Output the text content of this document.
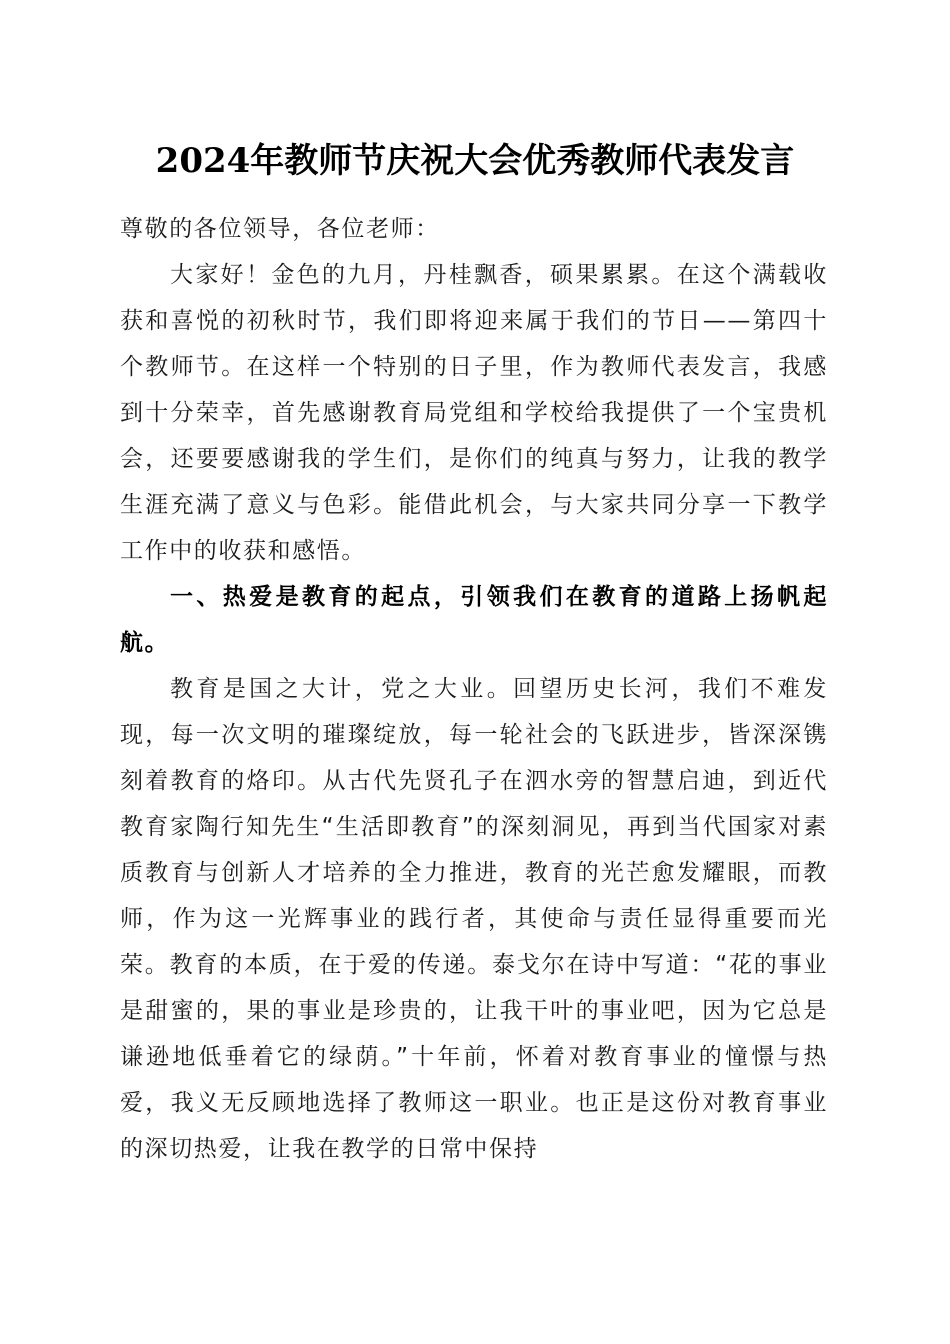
2024年教师节庆祝大会优秀教师代表发言

尊敬的各位领导，各位老师：

大家好！金色的九月，丹桂飘香，硕果累累。在这个满载收获和喜悦的初秋时节，我们即将迎来属于我们的节日——第四十个教师节。在这样一个特别的日子里，作为教师代表发言，我感到十分荣幸，首先感谢教育局党组和学校给我提供了一个宝贵机会，还要要感谢我的学生们，是你们的纯真与努力，让我的教学生涯充满了意义与色彩。能借此机会，与大家共同分享一下教学工作中的收获和感悟。

一、热爱是教育的起点，引领我们在教育的道路上扬帆起航。

教育是国之大计，党之大业。回望历史长河，我们不难发现，每一次文明的璀璨绽放，每一轮社会的飞跃进步，皆深深镌刻着教育的烙印。从古代先贤孔子在泗水旁的智慧启迪，到近代教育家陶行知先生“生活即教育”的深刻洞见，再到当代国家对素质教育与创新人才培养的全力推进，教育的光芒愈发耀眼，而教师，作为这一光辉事业的践行者，其使命与责任显得重要而光荣。教育的本质，在于爱的传递。泰戈尔在诗中写道：“花的事业是甜蜜的，果的事业是珍贵的，让我干叶的事业吧，因为它总是谦逊地低垂着它的绿荫。”十年前，怀着对教育事业的憧憬与热爱，我义无反顾地选择了教师这一职业。也正是这份对教育事业的深切热爱，让我在教学的日常中保持
